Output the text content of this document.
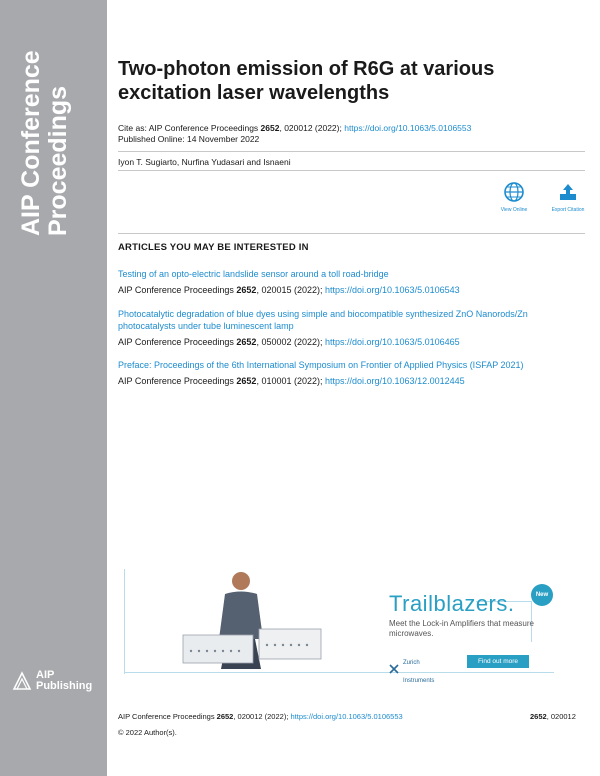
AIP Conference Proceedings
AIP
Publishing
Two-photon emission of R6G at various excitation laser wavelengths
Cite as: AIP Conference Proceedings 2652, 020012 (2022); https://doi.org/10.1063/5.0106553
Published Online: 14 November 2022
Iyon T. Sugiarto, Nurfina Yudasari and Isnaeni
View Online	Export Citation
ARTICLES YOU MAY BE INTERESTED IN
Testing of an opto-electric landslide sensor around a toll road-bridge
AIP Conference Proceedings 2652, 020015 (2022); https://doi.org/10.1063/5.0106543
Photocatalytic degradation of blue dyes using simple and biocompatible synthesized ZnO Nanorods/Zn photocatalysts under tube luminescent lamp
AIP Conference Proceedings 2652, 050002 (2022); https://doi.org/10.1063/5.0106465
Preface: Proceedings of the 6th International Symposium on Frontier of Applied Physics (ISFAP 2021)
AIP Conference Proceedings 2652, 010001 (2022); https://doi.org/10.1063/12.0012445
Trailblazers.	New
Meet the Lock-in Amplifiers that measure microwaves.
Zurich
Instruments
Find out more
AIP Conference Proceedings 2652, 020012 (2022); https://doi.org/10.1063/5.0106553	2652, 020012
© 2022 Author(s).
